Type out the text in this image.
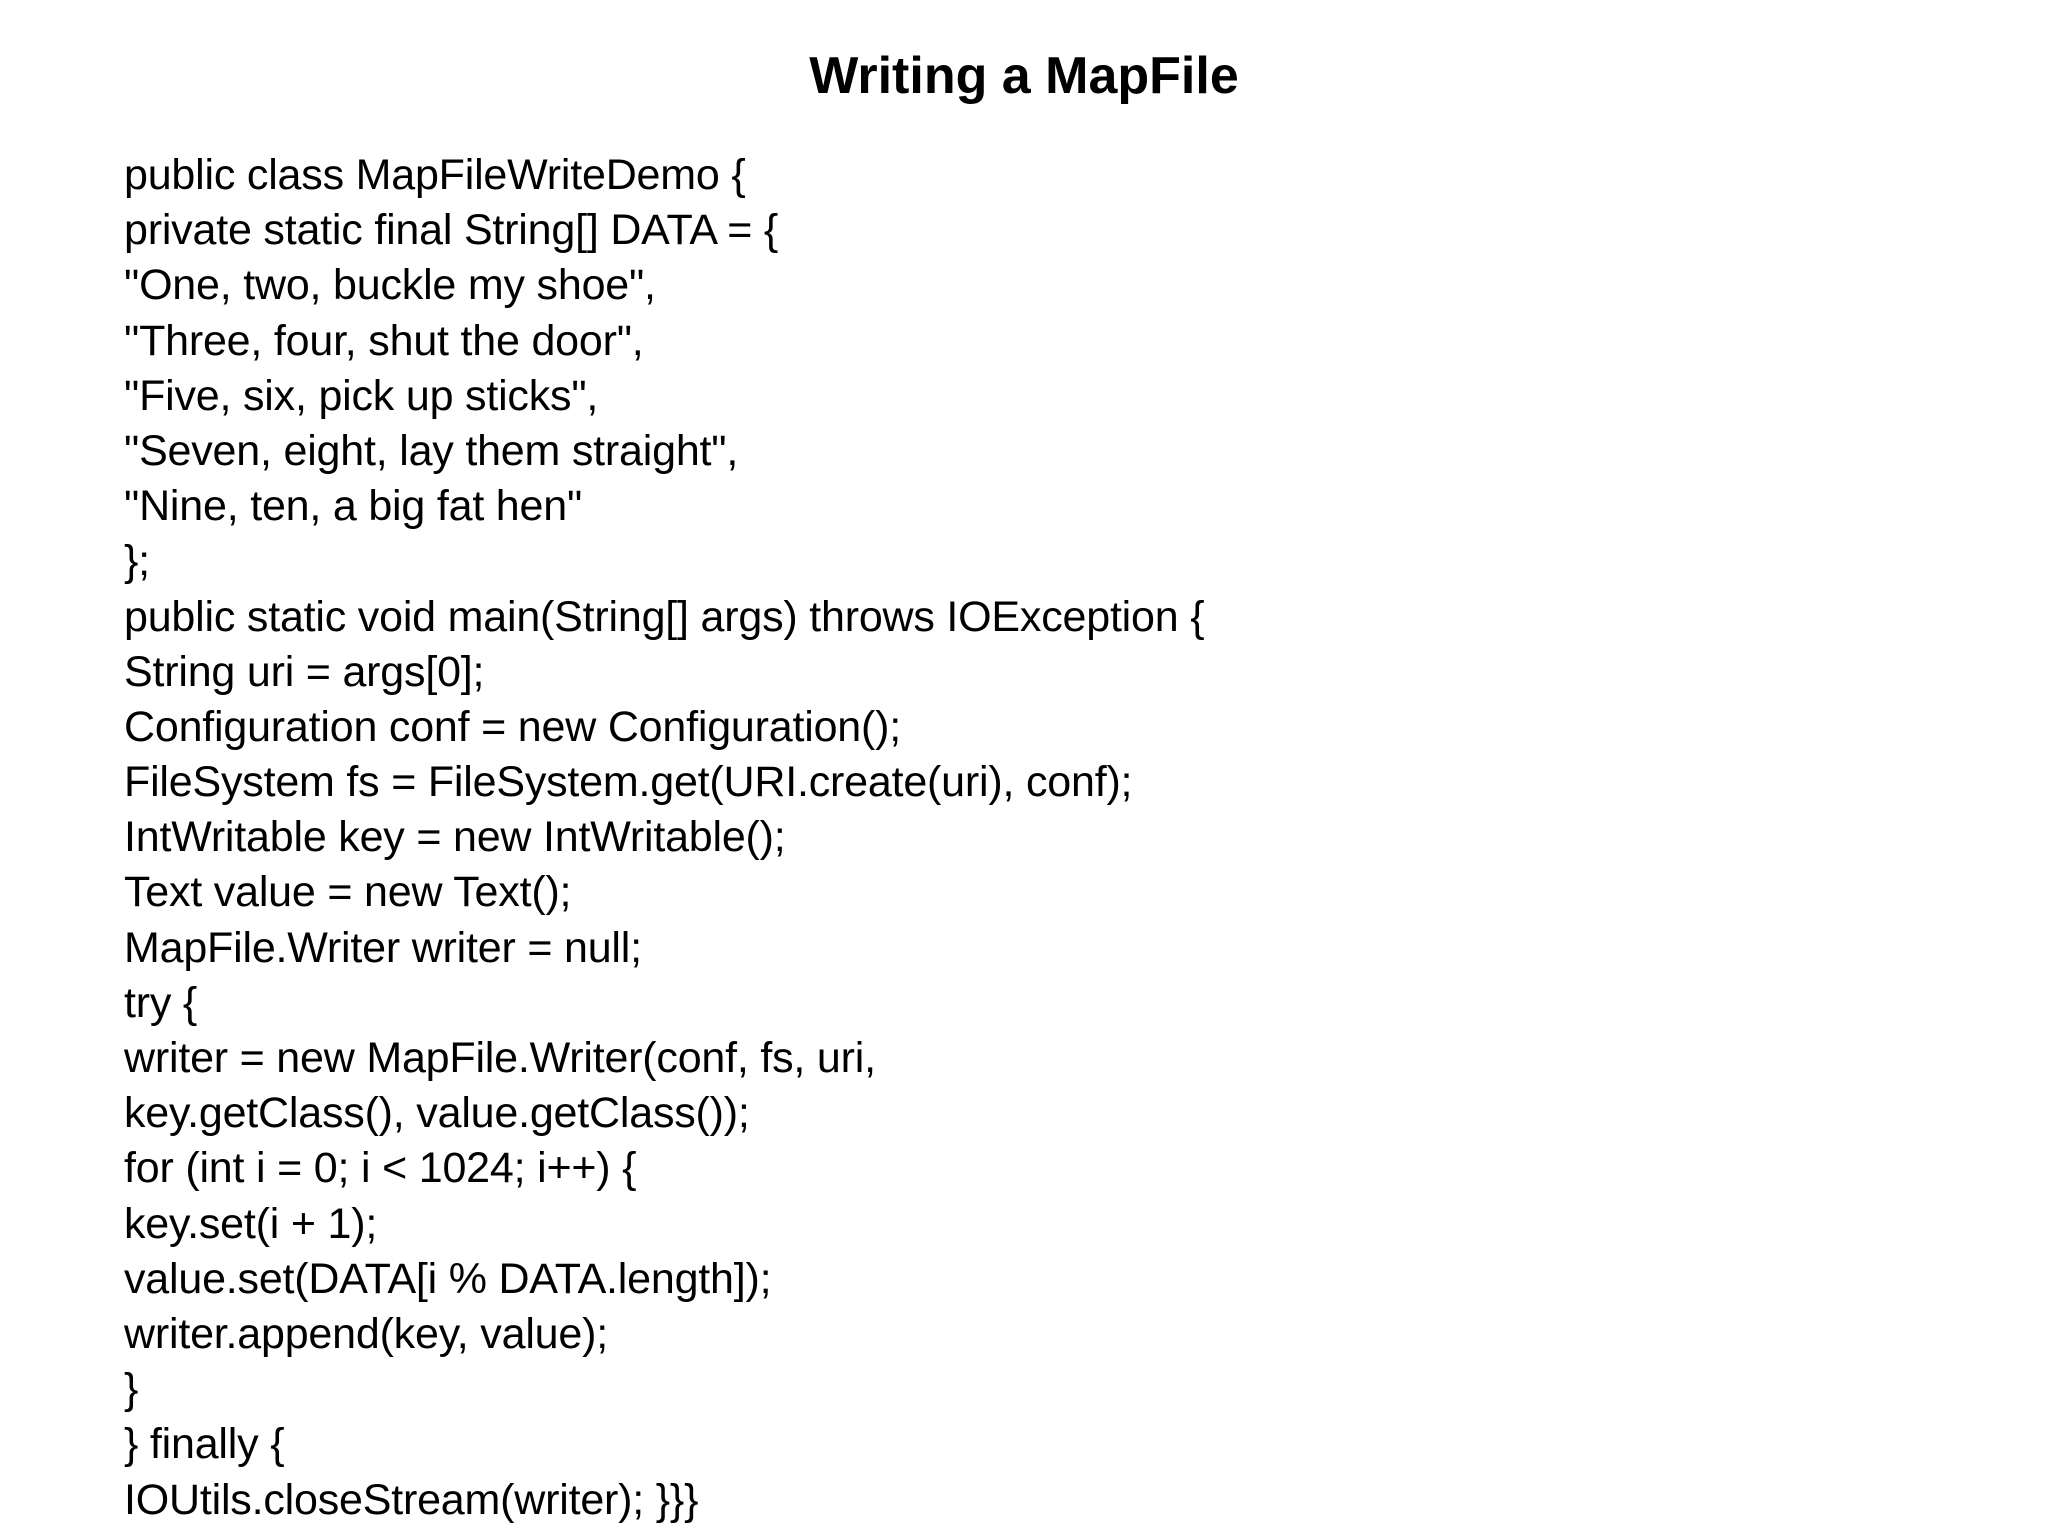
Writing a MapFile
public class MapFileWriteDemo {
private static final String[] DATA = {
"One, two, buckle my shoe",
"Three, four, shut the door",
"Five, six, pick up sticks",
"Seven, eight, lay them straight",
"Nine, ten, a big fat hen"
};
public static void main(String[] args) throws IOException {
String uri = args[0];
Configuration conf = new Configuration();
FileSystem fs = FileSystem.get(URI.create(uri), conf);
IntWritable key = new IntWritable();
Text value = new Text();
MapFile.Writer writer = null;
try {
writer = new MapFile.Writer(conf, fs, uri,
key.getClass(), value.getClass());
for (int i = 0; i < 1024; i++) {
key.set(i + 1);
value.set(DATA[i % DATA.length]);
writer.append(key, value);
}
} finally {
IOUtils.closeStream(writer); }}}
